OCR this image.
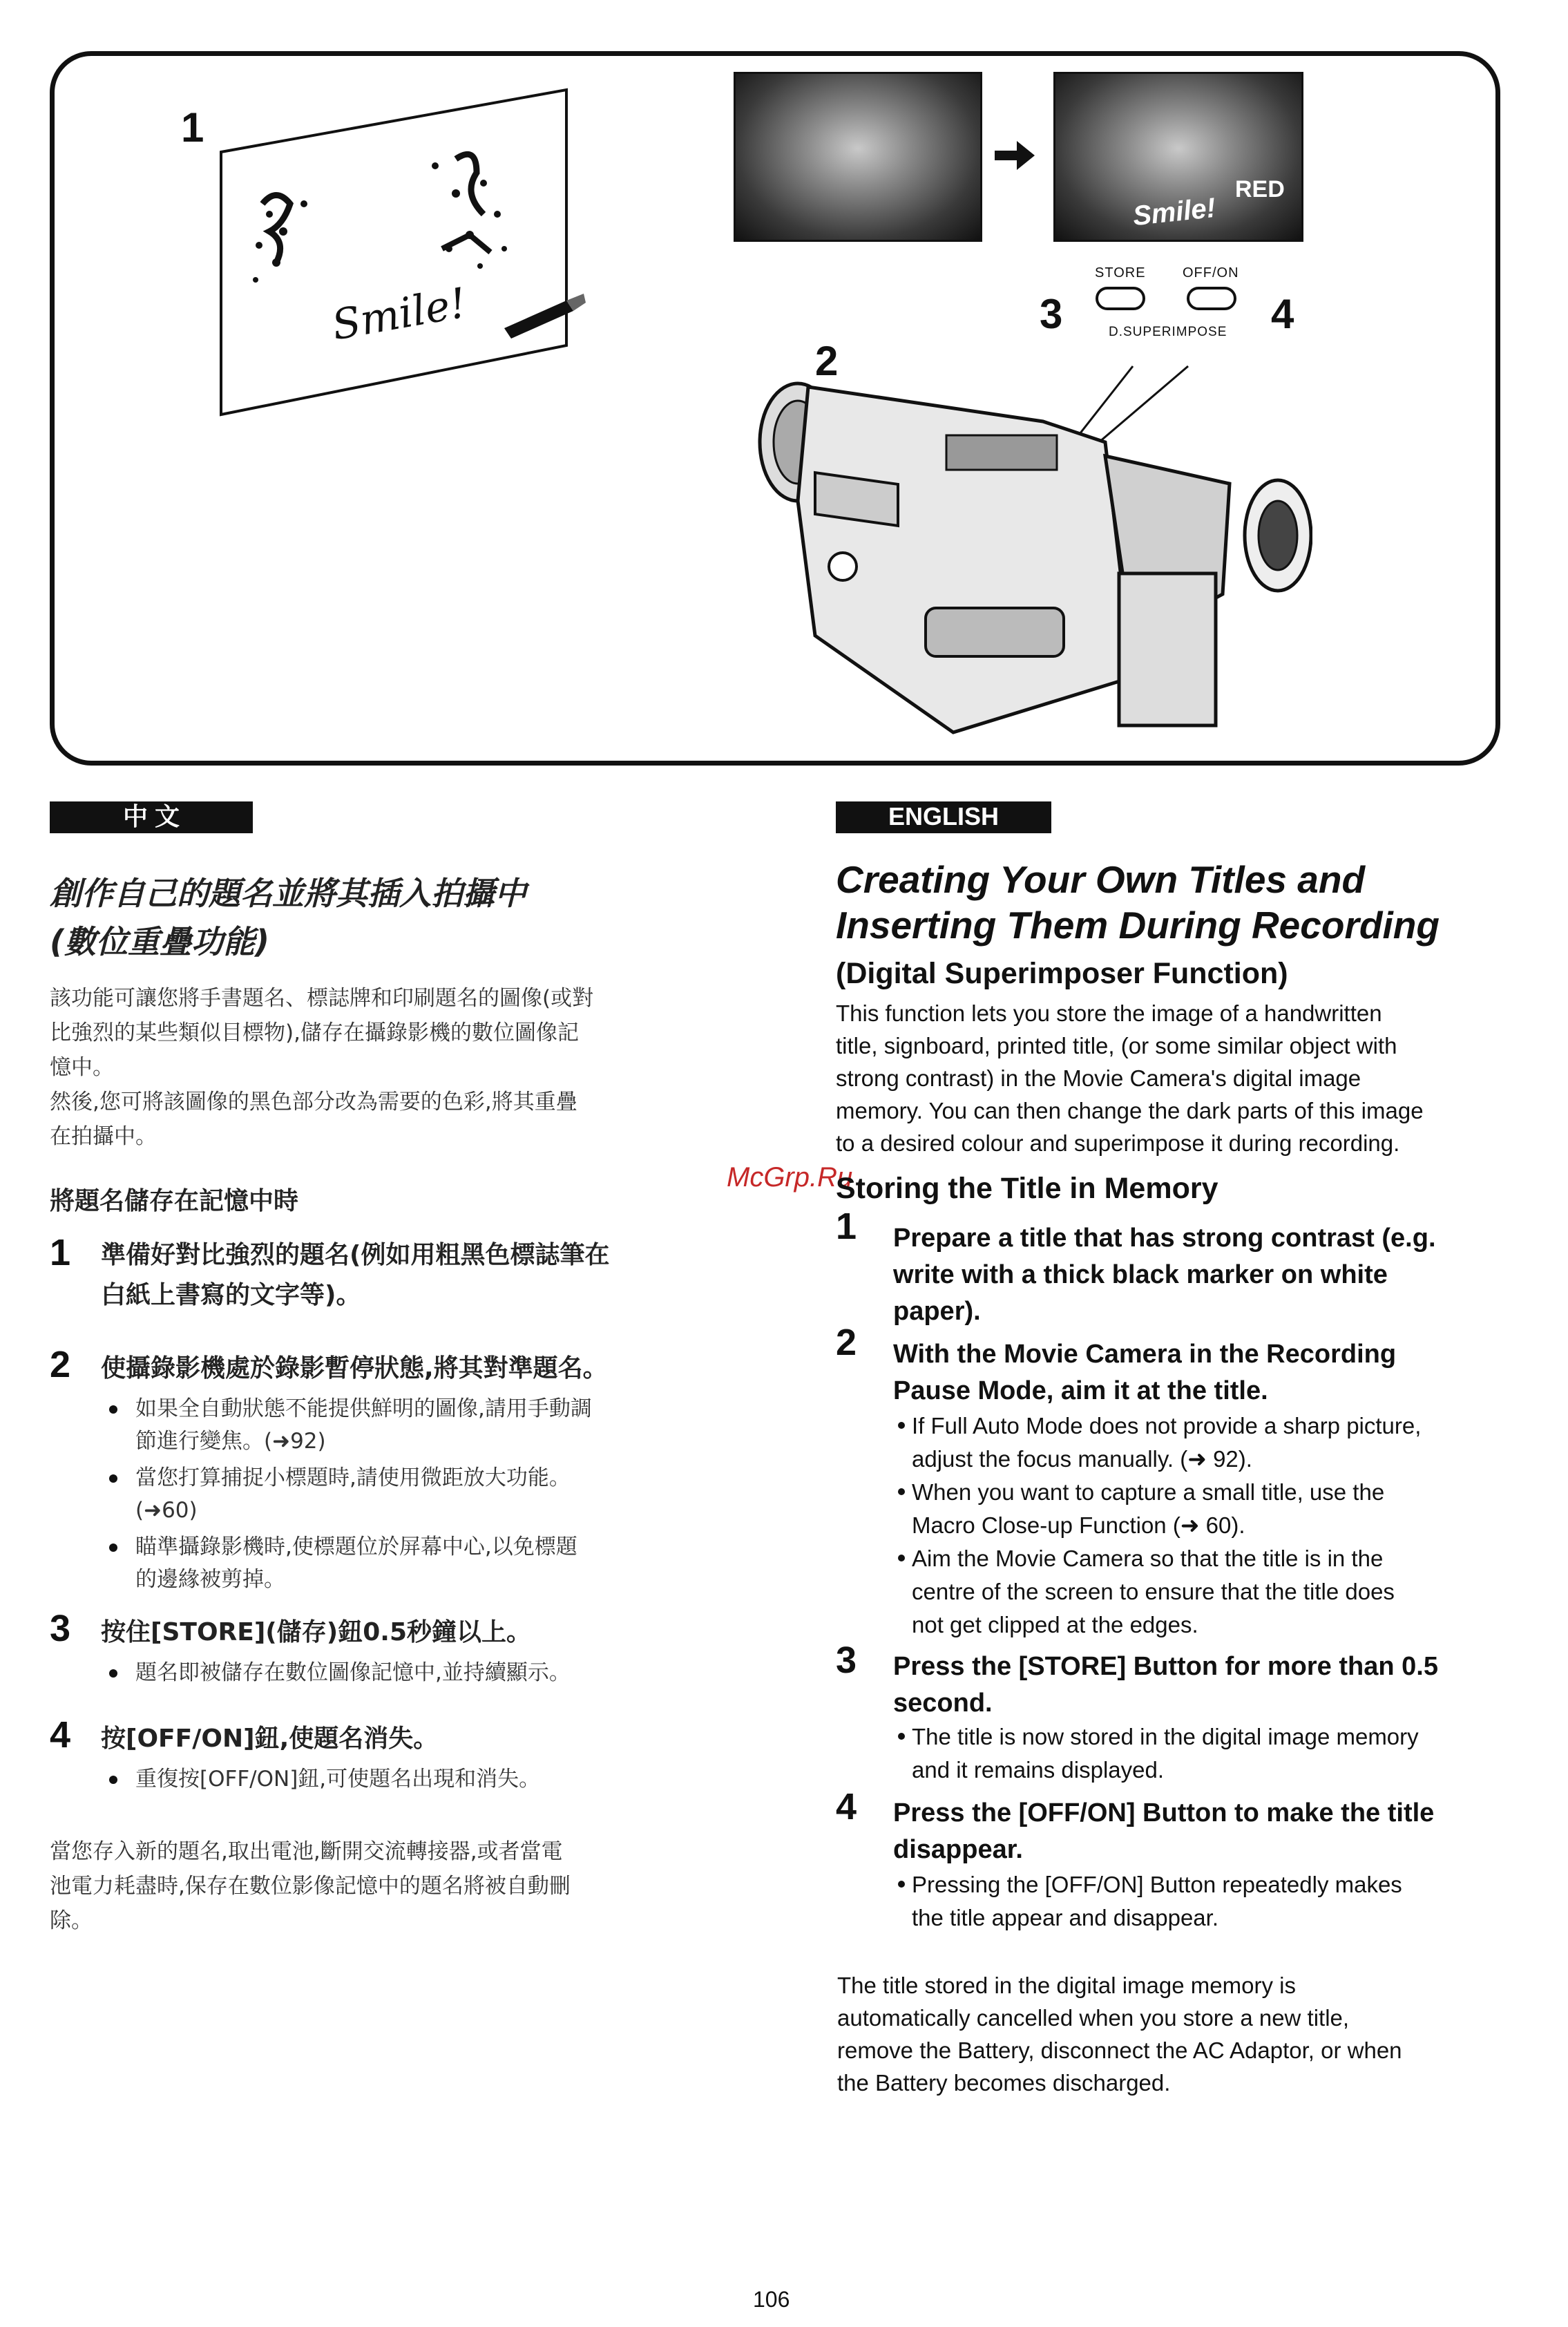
1
Smile!
Smile!
RED
STORE	OFF/ON
D.SUPERIMPOSE
3	4
2
中 文
創作自己的題名並將其插入拍攝中
(數位重疊功能)
該功能可讓您將手書題名、標誌牌和印刷題名的圖像(或對
比強烈的某些類似目標物),儲存在攝錄影機的數位圖像記
憶中。
然後,您可將該圖像的黑色部分改為需要的色彩,將其重疊
在拍攝中。
將題名儲存在記憶中時
1 準備好對比強烈的題名(例如用粗黑色標誌筆在
白紙上書寫的文字等)。
2 使攝錄影機處於錄影暫停狀態,將其對準題名。
如果全自動狀態不能提供鮮明的圖像,請用手動調
節進行變焦。(➜92)
當您打算捕捉小標題時,請使用微距放大功能。
(➜60)
瞄準攝錄影機時,使標題位於屏幕中心,以免標題
的邊緣被剪掉。
3 按住[STORE](儲存)鈕0.5秒鐘以上。
題名即被儲存在數位圖像記憶中,並持續顯示。
4 按[OFF/ON]鈕,使題名消失。
重復按[OFF/ON]鈕,可使題名出現和消失。
當您存入新的題名,取出電池,斷開交流轉接器,或者當電
池電力耗盡時,保存在數位影像記憶中的題名將被自動刪
除。
ENGLISH
Creating Your Own Titles and
Inserting Them During Recording
(Digital Superimposer Function)
This function lets you store the image of a handwritten
title, signboard, printed title, (or some similar object with
strong contrast) in the Movie Camera's digital image
memory. You can then change the dark parts of this image
to a desired colour and superimpose it during recording.
McGrp.Ru
Storing the Title in Memory
1 Prepare a title that has strong contrast (e.g.
write with a thick black marker on white
paper).
2 With the Movie Camera in the Recording
Pause Mode, aim it at the title.
If Full Auto Mode does not provide a sharp picture,
adjust the focus manually. (➜ 92).
When you want to capture a small title, use the
Macro Close-up Function (➜ 60).
Aim the Movie Camera so that the title is in the
centre of the screen to ensure that the title does
not get clipped at the edges.
3 Press the [STORE] Button for more than 0.5
second.
The title is now stored in the digital image memory
and it remains displayed.
4 Press the [OFF/ON] Button to make the title
disappear.
Pressing the [OFF/ON] Button repeatedly makes
the title appear and disappear.
The title stored in the digital image memory is
automatically cancelled when you store a new title,
remove the Battery, disconnect the AC Adaptor, or when
the Battery becomes discharged.
106
